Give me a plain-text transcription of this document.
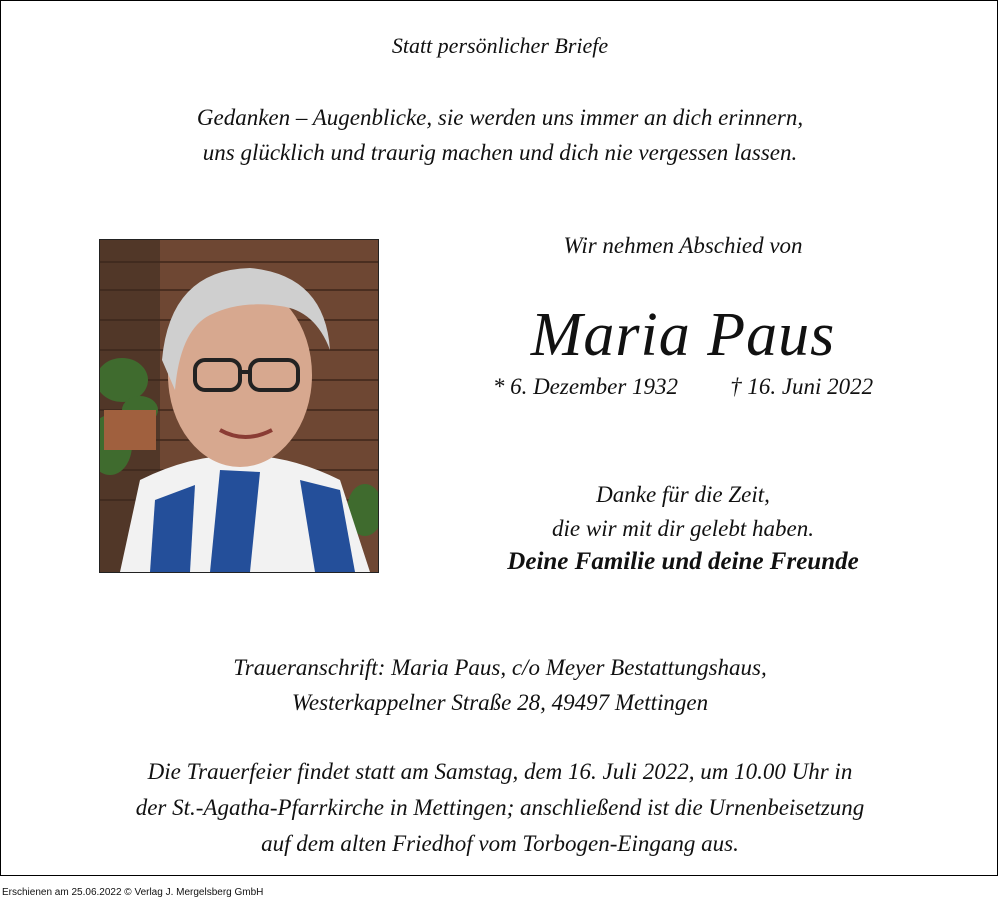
Statt persönlicher Briefe
Gedanken – Augenblicke, sie werden uns immer an dich erinnern,
uns glücklich und traurig machen und dich nie vergessen lassen.
Wir nehmen Abschied von
Maria Paus
* 6. Dezember 1932 † 16. Juni 2022
Danke für die Zeit,
die wir mit dir gelebt haben.
Deine Familie und deine Freunde
Traueranschrift: Maria Paus, c/o Meyer Bestattungshaus,
Westerkappelner Straße 28, 49497 Mettingen
Die Trauerfeier findet statt am Samstag, dem 16. Juli 2022, um 10.00 Uhr in
der St.-Agatha-Pfarrkirche in Mettingen; anschließend ist die Urnenbeisetzung
auf dem alten Friedhof vom Torbogen-Eingang aus.
Erschienen am 25.06.2022 © Verlag J. Mergelsberg GmbH
